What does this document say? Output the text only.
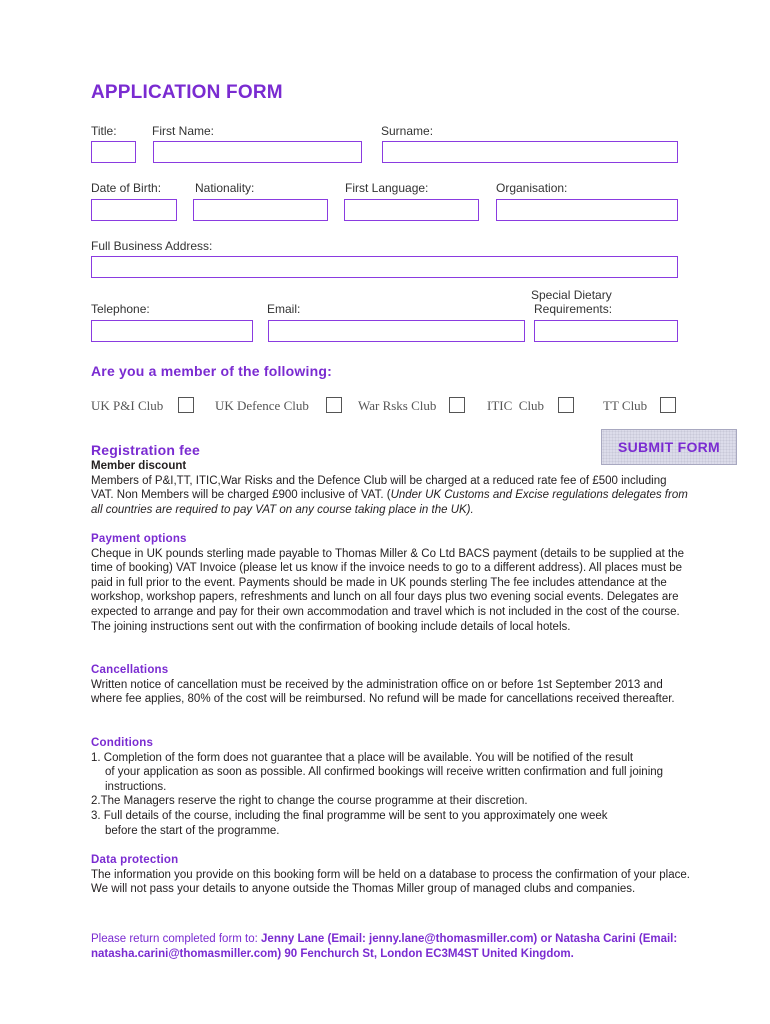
APPLICATION FORM
Title:	First Name:	Surname:
Date of Birth:	Nationality:	First Language:	Organisation:
Full Business Address:
Special Dietary
Telephone:	Email:	Requirements:
Are you a member of the following:
UK P&I Club	UK Defence Club	War Rsks Club	ITIC  Club	TT Club
SUBMIT FORM
Registration fee
Member discount
Members of P&I,TT, ITIC,War Risks and the Defence Club will be charged at a reduced rate fee of £500 including VAT. Non Members will be charged £900 inclusive of VAT. (Under UK Customs and Excise regulations delegates from all countries are required to pay VAT on any course taking place in the UK).
Payment options
Cheque in UK pounds sterling made payable to Thomas Miller & Co Ltd BACS payment (details to be supplied at the time of booking) VAT Invoice (please let us know if the invoice needs to go to a different address). All places must be paid in full prior to the event. Payments should be made in UK pounds sterling The fee includes attendance at the workshop, workshop papers, refreshments and lunch on all four days plus two evening social events. Delegates are expected to arrange and pay for their own accommodation and travel which is not included in the cost of the course. The joining instructions sent out with the confirmation of booking include details of local hotels.
Cancellations
Written notice of cancellation must be received by the administration office on or before 1st September 2013 and where fee applies, 80% of the cost will be reimbursed. No refund will be made for cancellations received thereafter.
Conditions
1. Completion of the form does not guarantee that a place will be available. You will be notified of the result
of your application as soon as possible. All confirmed bookings will receive written confirmation and full joining instructions.
2.The Managers reserve the right to change the course programme at their discretion.
3. Full details of the course, including the final programme will be sent to you approximately one week
before the start of the programme.
Data protection
The information you provide on this booking form will be held on a database to process the confirmation of your place. We will not pass your details to anyone outside the Thomas Miller group of managed clubs and companies.
Please return completed form to: Jenny Lane (Email: jenny.lane@thomasmiller.com) or Natasha Carini (Email: natasha.carini@thomasmiller.com) 90 Fenchurch St, London EC3M4ST United Kingdom.
